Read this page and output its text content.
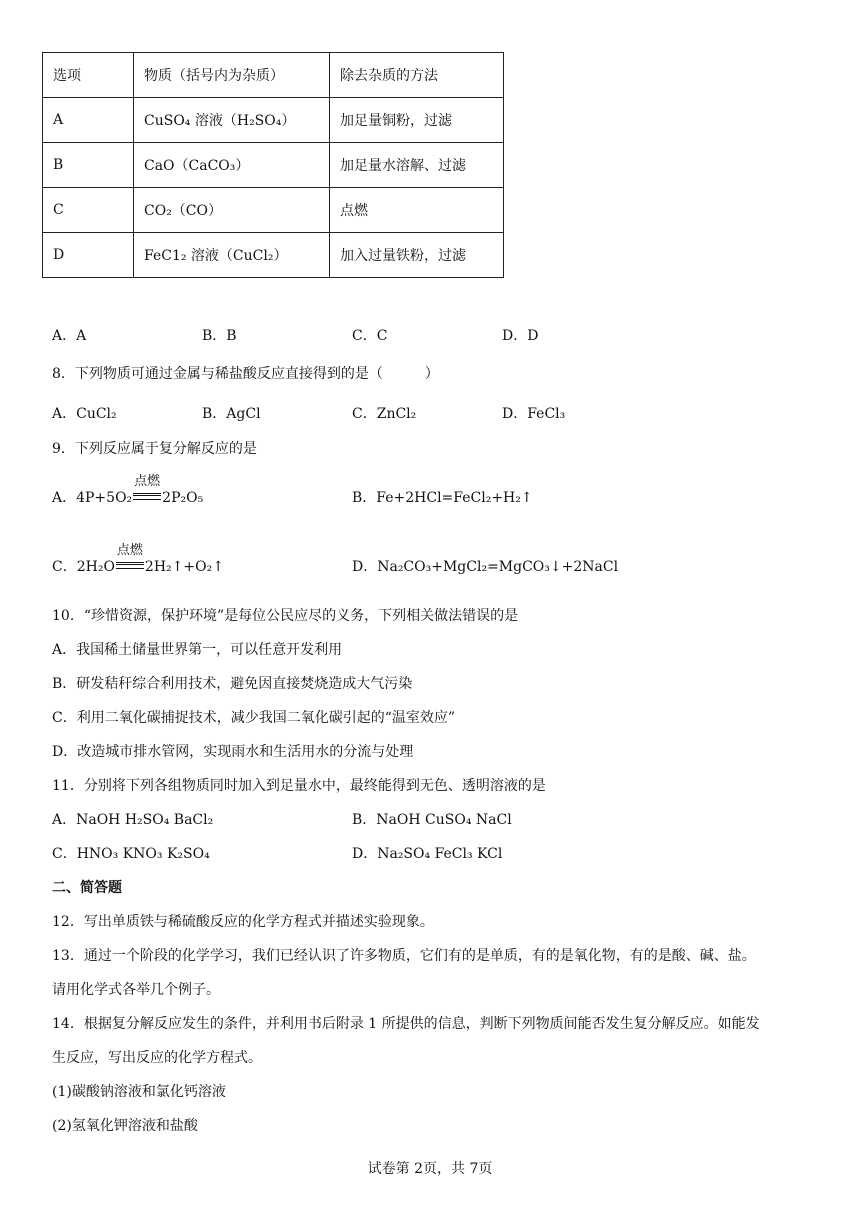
选项	物质（括号内为杂质）	除去杂质的方法
A	CuSO₄ 溶液（H₂SO₄）	加足量铜粉，过滤
B	CaO（CaCO₃）	加足量水溶解、过滤
C	CO₂（CO）	点燃
D	FeC1₂ 溶液（CuCl₂）	加入过量铁粉，过滤
A．A	B．B	C．C	D．D
8．下列物质可通过金属与稀盐酸反应直接得到的是（　　　）
A．CuCl₂	B．AgCl	C．ZnCl₂	D．FeCl₃
9．下列反应属于复分解反应的是
A．4P+5O₂
点燃
2P₂O₅	B．Fe+2HCl=FeCl₂+H₂↑
C．2H₂O
点燃
2H₂↑+O₂↑	D．Na₂CO₃+MgCl₂=MgCO₃↓+2NaCl
10．“珍惜资源，保护环境”是每位公民应尽的义务，下列相关做法错误的是
A．我国稀土储量世界第一，可以任意开发利用
B．研发秸秆综合利用技术，避免因直接焚烧造成大气污染
C．利用二氧化碳捕捉技术，减少我国二氧化碳引起的“温室效应”
D．改造城市排水管网，实现雨水和生活用水的分流与处理
11．分别将下列各组物质同时加入到足量水中，最终能得到无色、透明溶液的是
A．NaOH H₂SO₄ BaCl₂	B．NaOH CuSO₄ NaCl
C．HNO₃ KNO₃ K₂SO₄	D．Na₂SO₄ FeCl₃ KCl
二、简答题
12．写出单质铁与稀硫酸反应的化学方程式并描述实验现象。
13．通过一个阶段的化学学习，我们已经认识了许多物质，它们有的是单质，有的是氧化物，有的是酸、碱、盐。
请用化学式各举几个例子。
14．根据复分解反应发生的条件，并利用书后附录 1 所提供的信息，判断下列物质间能否发生复分解反应。如能发
生反应，写出反应的化学方程式。
(1)碳酸钠溶液和氯化钙溶液
(2)氢氧化钾溶液和盐酸
试卷第 2页，共 7页
